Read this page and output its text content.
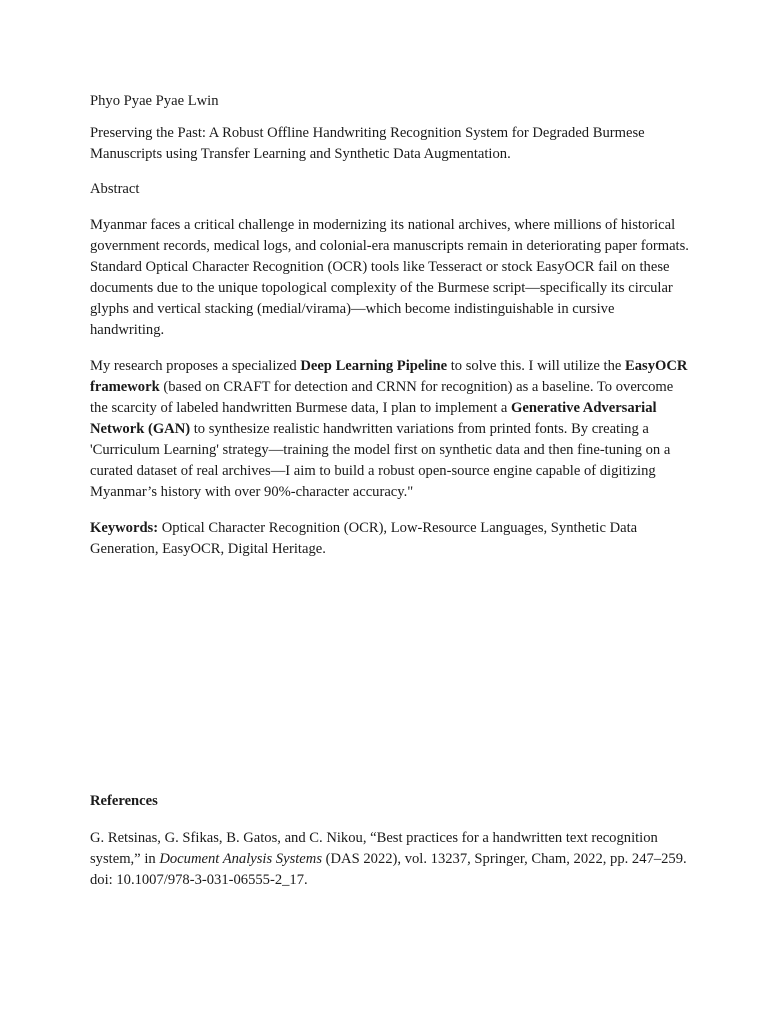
Phyo Pyae Pyae Lwin

Preserving the Past: A Robust Offline Handwriting Recognition System for Degraded Burmese Manuscripts using Transfer Learning and Synthetic Data Augmentation.

Abstract

Myanmar faces a critical challenge in modernizing its national archives, where millions of historical government records, medical logs, and colonial-era manuscripts remain in deteriorating paper formats. Standard Optical Character Recognition (OCR) tools like Tesseract or stock EasyOCR fail on these documents due to the unique topological complexity of the Burmese script—specifically its circular glyphs and vertical stacking (medial/virama)—which become indistinguishable in cursive handwriting.

My research proposes a specialized Deep Learning Pipeline to solve this. I will utilize the EasyOCR framework (based on CRAFT for detection and CRNN for recognition) as a baseline. To overcome the scarcity of labeled handwritten Burmese data, I plan to implement a Generative Adversarial Network (GAN) to synthesize realistic handwritten variations from printed fonts. By creating a 'Curriculum Learning' strategy—training the model first on synthetic data and then fine-tuning on a curated dataset of real archives—I aim to build a robust open-source engine capable of digitizing Myanmar’s history with over 90%-character accuracy."

Keywords: Optical Character Recognition (OCR), Low-Resource Languages, Synthetic Data Generation, EasyOCR, Digital Heritage.

References

G. Retsinas, G. Sfikas, B. Gatos, and C. Nikou, “Best practices for a handwritten text recognition system,” in Document Analysis Systems (DAS 2022), vol. 13237, Springer, Cham, 2022, pp. 247–259. doi: 10.1007/978-3-031-06555-2_17.
